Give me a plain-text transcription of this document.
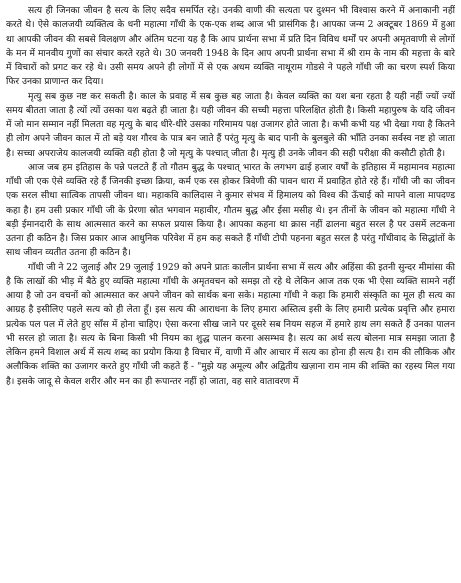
सत्य ही जिनका जीवन है सत्य के लिए सदैव समर्पित रहे। उनकी वाणी की सत्यता पर दुश्मन भी विश्वास करने में अनाकानी नहीं करते थे। ऐसे कालजयी व्यक्तित्व के धनी महात्मा गाँधी के एक-एक शब्द आज भी प्रासंगिक है। आपका जन्म 2 अक्टूबर 1869 में हुआ था आपकी जीवन की सबसे विलक्षण और अंतिम घटना यह है कि आप प्रार्थना सभा में प्रति दिन विविध धर्मों पर अपनी अमृतवाणी से लोगों के मन में मानवीय गुणों का संचार करते रहते थे। 30 जनवरी 1948 के दिन आप अपनी प्रार्थना सभा में श्री राम के नाम की महत्ता के बारे में विचारों को प्रगट कर रहे थे। उसी समय अपने ही लोगों में से एक अधम व्यक्ति नाथूराम गोडसे ने पहले गाँधी जी का चरण स्पर्श किया फिर उनका प्राणान्त कर दिया।

मृत्यु सब कुछ नष्ट कर सकती है। काल के प्रवाह में सब कुछ बह जाता है। केवल व्यक्ति का यश बना रहता है यही नहीं ज्यों ज्यों समय बीतता जाता है त्यों त्यों उसका यश बढ़ते ही जाता है। यही जीवन की सच्ची महत्ता परिलक्षित होती है। किसी महापुरुष के यदि जीवन में जो मान सम्मान नहीं मिलता वह मृत्यु के बाद धीरे-धीरे उसका गरिमामय पक्ष उजागर होते जाता है। कभी कभी यह भी देखा गया है कितने ही लोग अपने जीवन काल में तो बड़े यश गौरव के पात्र बन जाते हैं परंतु मृत्यु के बाद पानी के बुलबुले की भाँति उनका सर्वस्व नष्ट हो जाता है। सच्चा अपराजेय कालजयी व्यक्ति वही होता है जो मृत्यु के पश्चात् जीता है। मृत्यु ही उनके जीवन की सही परीक्षा की कसौटी होती है।

आज जब हम इतिहास के पन्ने पलटते हैं तो गौतम बुद्ध के पश्चात् भारत के लगभग ढाई हजार वर्षों के इतिहास में महामानव महात्मा गाँधी जी एक ऐसे व्यक्ति रहे हैं जिनकी इच्छा क्रिया, कर्म एक रस होकर त्रिवेणी की पावन धारा में प्रवाहित होते रहे हैं। गाँधी जी का जीवन एक सरल सीधा सात्विक तापसी जीवन था। महाकवि कालिदास ने कुमार संभव में हिमालय को विश्व की ऊँचाई को मापने वाला मापदण्ड कहा है। हम उसी प्रकार गाँधी जी के प्रेरणा स्रोत भगवान महावीर, गौतम बुद्ध और ईसा मसीह थे। इन तीनों के जीवन को महात्मा गाँधी ने बड़ी ईमानदारी के साथ आत्मसात करने का सफल प्रयास किया है। आपका कहना था क्रास नहीं ढालना बहुत सरल है पर उसमें लटकना उतना ही कठिन है। जिस प्रकार आज आधुनिक परिवेश में हम कह सकते हैं गाँधी टोपी पहनना बहुत सरल है परंतु गाँधीवाद के सिद्धांतों के साथ जीवन व्यतीत उतना ही कठिन है।

गाँधी जी ने 22 जुलाई और 29 जुलाई 1929 को अपने प्रातः कालीन प्रार्थना सभा में सत्य और अहिंसा की इतनी सुन्दर मीमांसा की है कि लाखों की भीड़ में बैठे हुए व्यक्ति महात्मा गाँधी के अमृतवचन को समझ तो रहे थे लेकिन आज तक एक भी ऐसा व्यक्ति सामने नहीं आया है जो उन वचनों को आत्मसात कर अपने जीवन को सार्थक बना सके। महात्मा गाँधी ने कहा कि हमारी संस्कृति का मूल ही सत्य का आग्रह है इसीलिए पहले सत्य को ही लेता हूँ। इस सत्य की आराधना के लिए हमारा अस्तित्व इसी के लिए हमारी प्रत्येक प्रवृत्ति और हमारा प्रत्येक पल पल में लेते हुए साँस में होना चाहिए। ऐसा करना सीख जाने पर दूसरे सब नियम सहज में हमारे हाथ लग सकते हैं उनका पालन भी सरल हो जाता है। सत्य के बिना किसी भी नियम का शुद्ध पालन करना असम्भव है। सत्य का अर्थ सत्य बोलना मात्र समझा जाता है लेकिन हमने विशाल अर्थ में सत्य शब्द का प्रयोग किया है विचार में, वाणी में और आचार में सत्य का होना ही सत्य है। राम की लौकिक और अलौकिक शक्ति का उजागर करते हुए गाँधी जी कहते हैं - "मुझे यह अमूल्य और अद्वितीय खज़ाना राम नाम की शक्ति का रहस्य मिल गया है। इसके जादू से केवल शरीर और मन का ही रूपान्तर नहीं हो जाता, वह सारे वातावरण में
